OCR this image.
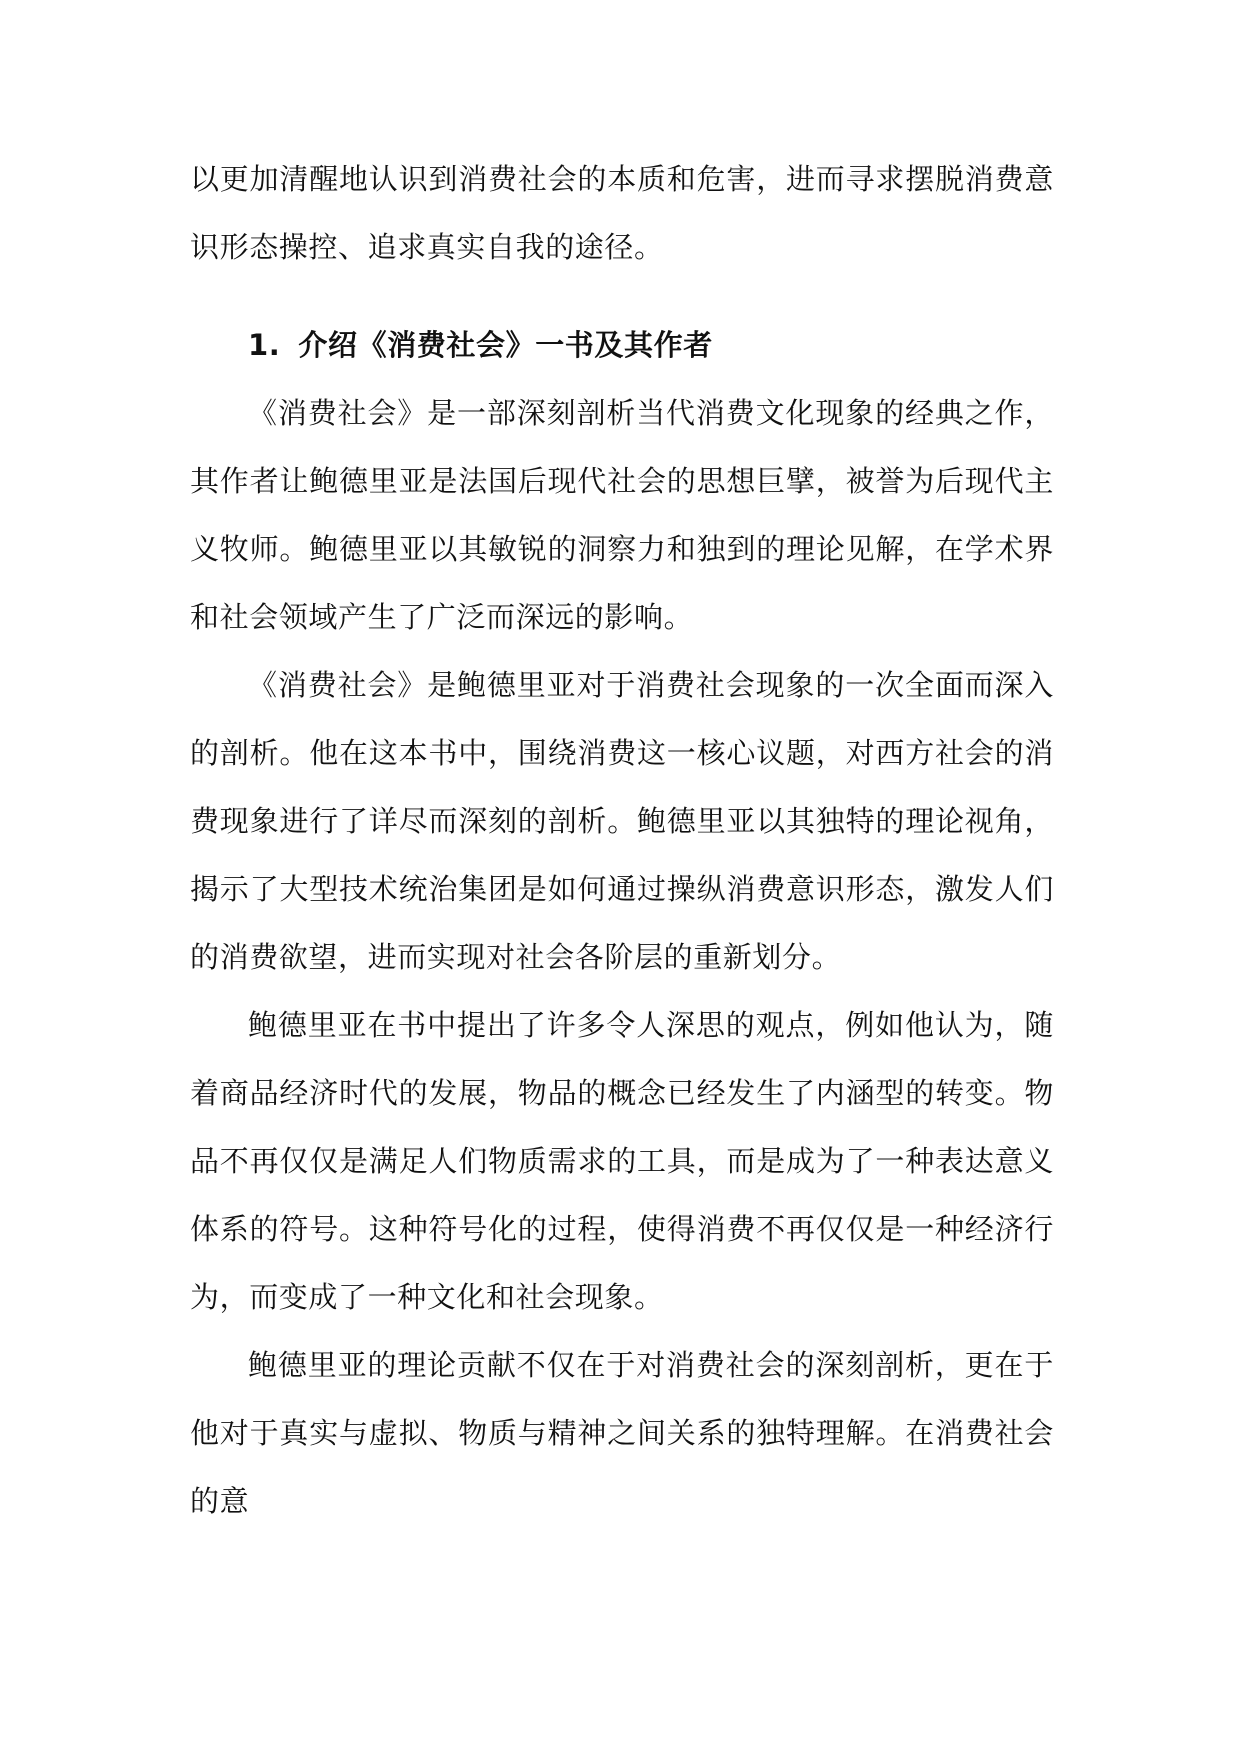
以更加清醒地认识到消费社会的本质和危害，进而寻求摆脱消费意识形态操控、追求真实自我的途径。

1. 介绍《消费社会》一书及其作者

《消费社会》是一部深刻剖析当代消费文化现象的经典之作，其作者让鲍德里亚是法国后现代社会的思想巨擘，被誉为后现代主义牧师。鲍德里亚以其敏锐的洞察力和独到的理论见解，在学术界和社会领域产生了广泛而深远的影响。

《消费社会》是鲍德里亚对于消费社会现象的一次全面而深入的剖析。他在这本书中，围绕消费这一核心议题，对西方社会的消费现象进行了详尽而深刻的剖析。鲍德里亚以其独特的理论视角，揭示了大型技术统治集团是如何通过操纵消费意识形态，激发人们的消费欲望，进而实现对社会各阶层的重新划分。

鲍德里亚在书中提出了许多令人深思的观点，例如他认为，随着商品经济时代的发展，物品的概念已经发生了内涵型的转变。物品不再仅仅是满足人们物质需求的工具，而是成为了一种表达意义体系的符号。这种符号化的过程，使得消费不再仅仅是一种经济行为，而变成了一种文化和社会现象。

鲍德里亚的理论贡献不仅在于对消费社会的深刻剖析，更在于他对于真实与虚拟、物质与精神之间关系的独特理解。在消费社会的意
